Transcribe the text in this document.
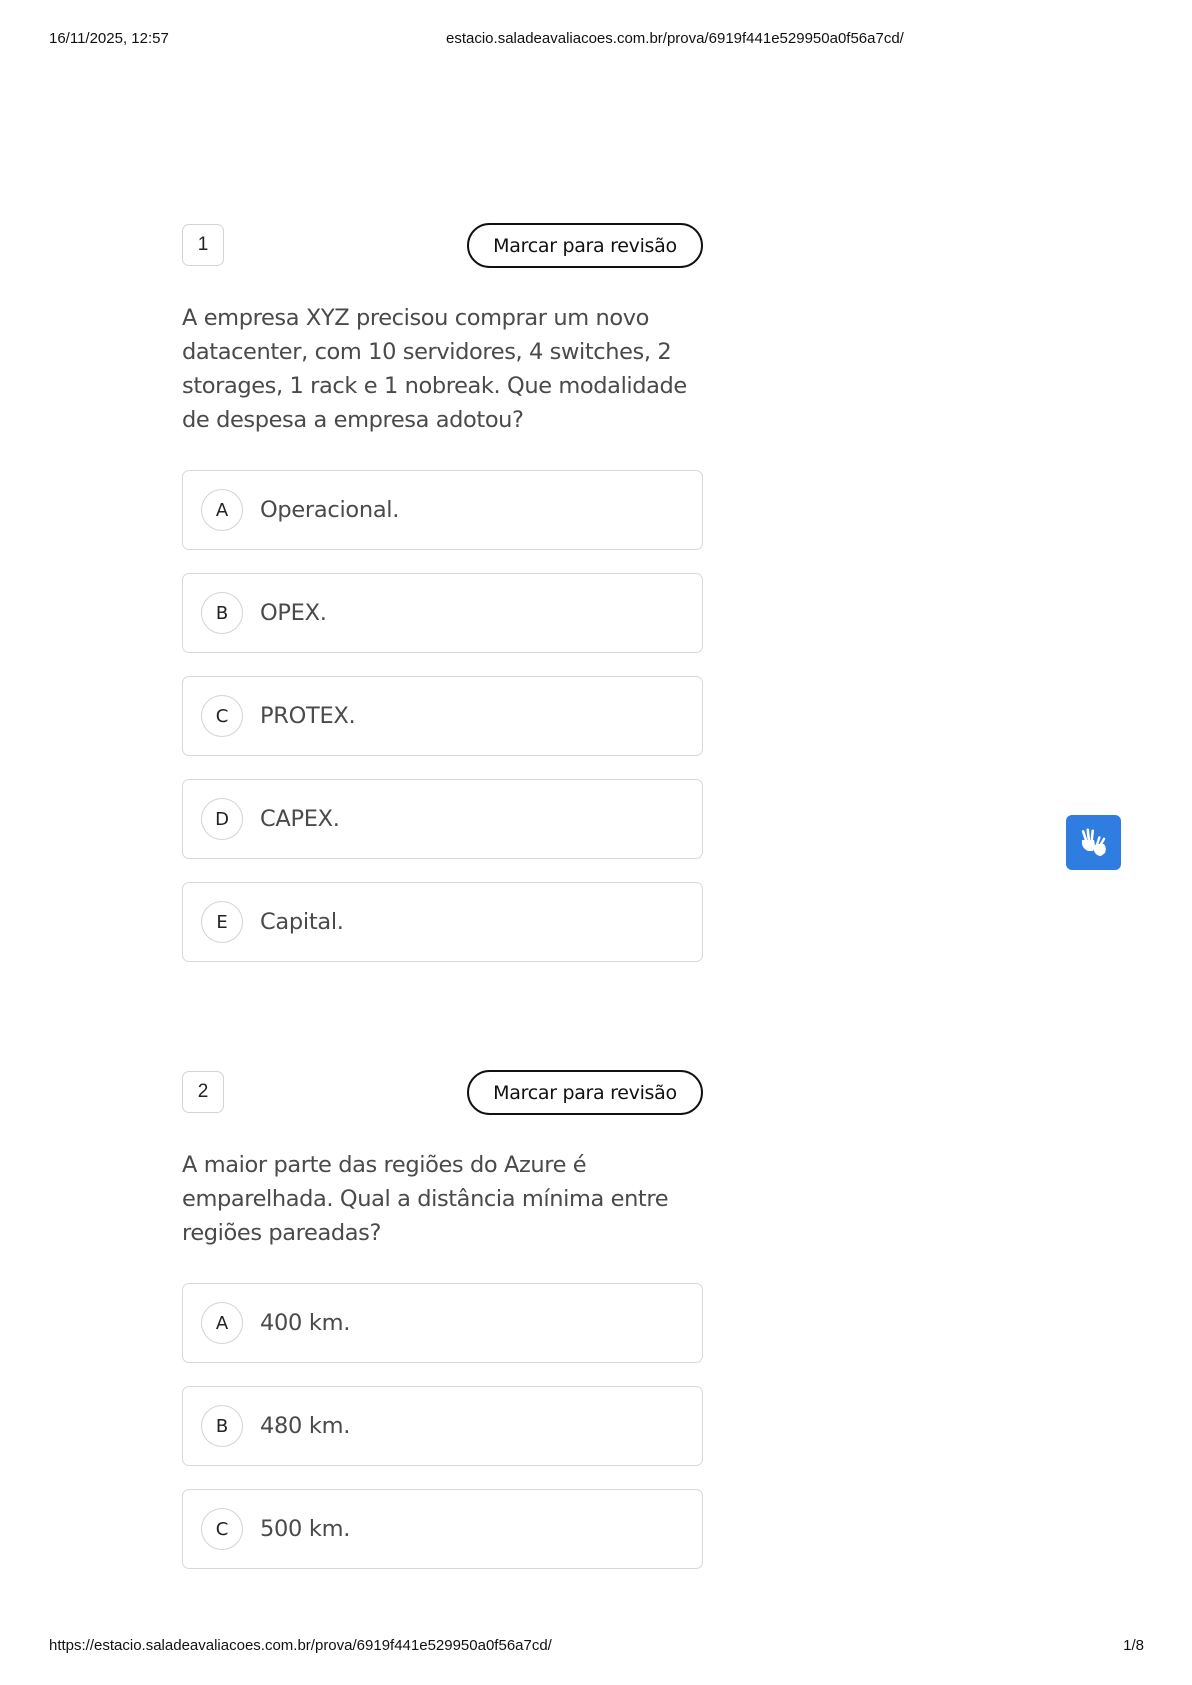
16/11/2025, 12:57	estacio.saladeavaliacoes.com.br/prova/6919f441e529950a0f56a7cd/
1	Marcar para revisão

A empresa XYZ precisou comprar um novo datacenter, com 10 servidores, 4 switches, 2 storages, 1 rack e 1 nobreak. Que modalidade de despesa a empresa adotou?

A	Operacional.
B	OPEX.
C	PROTEX.
D	CAPEX.
E	Capital.
2	Marcar para revisão

A maior parte das regiões do Azure é emparelhada. Qual a distância mínima entre regiões pareadas?

A	400 km.
B	480 km.
C	500 km.
https://estacio.saladeavaliacoes.com.br/prova/6919f441e529950a0f56a7cd/	1/8
